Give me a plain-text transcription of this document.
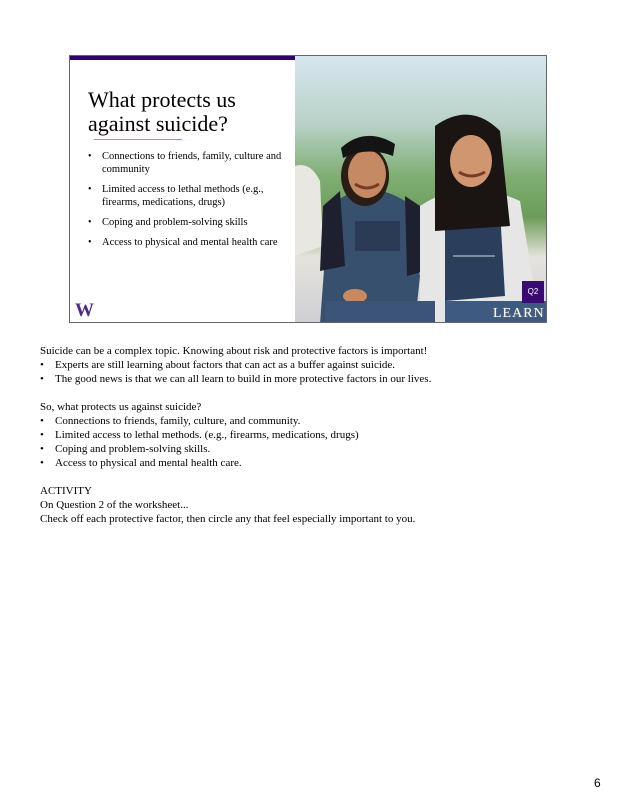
What protects us against suicide?
• Connections to friends, family, culture and community
• Limited access to lethal methods (e.g., firearms, medications, drugs)
• Coping and problem-solving skills
• Access to physical and mental health care
W
Q2
LEARN

Suicide can be a complex topic. Knowing about risk and protective factors is important!

• Experts are still learning about factors that can act as a buffer against suicide.
• The good news is that we can all learn to build in more protective factors in our lives.

So, what protects us against suicide?

• Connections to friends, family, culture, and community.
• Limited access to lethal methods. (e.g., firearms, medications, drugs)
• Coping and problem-solving skills.
• Access to physical and mental health care.

ACTIVITY

On Question 2 of the worksheet...

Check off each protective factor, then circle any that feel especially important to you.

6
